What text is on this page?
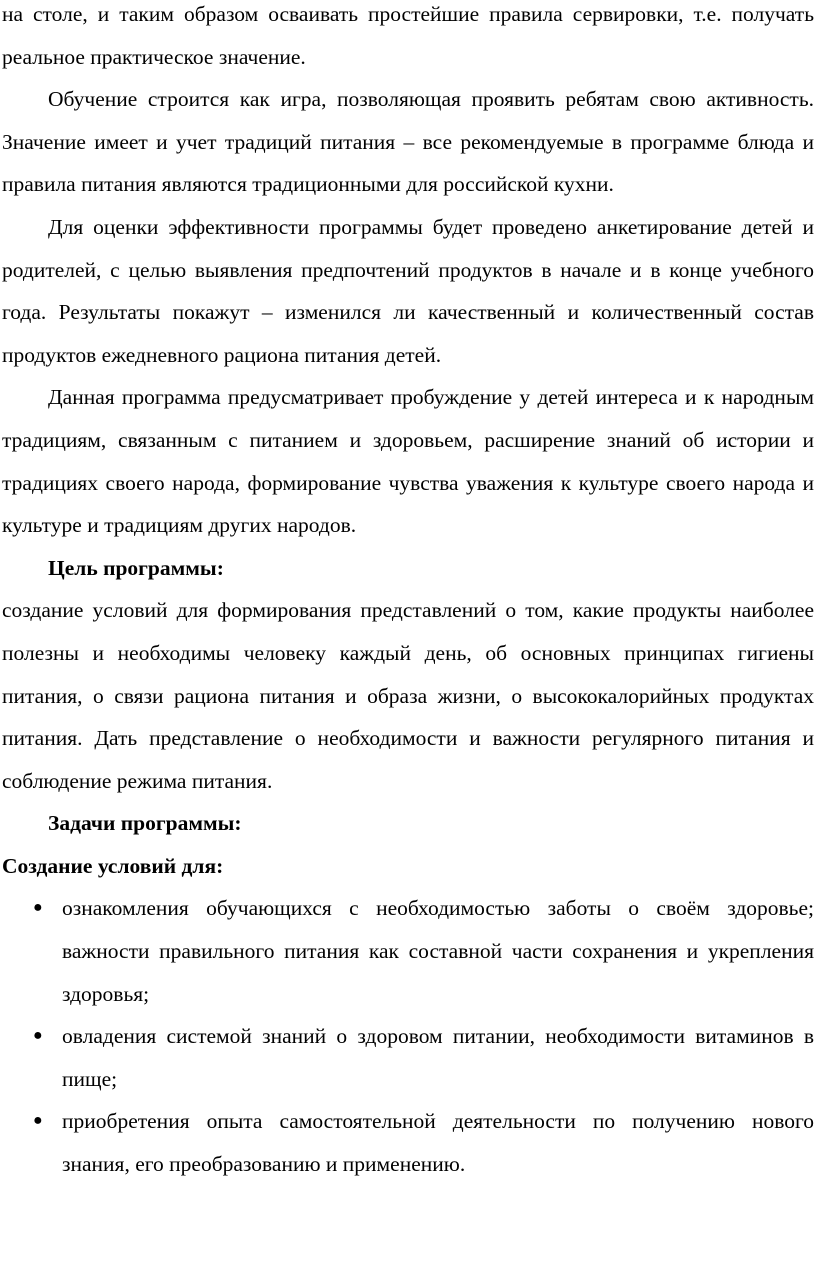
на столе, и таким образом осваивать простейшие правила сервировки, т.е. получать реальное практическое значение.

Обучение строится как игра, позволяющая проявить ребятам свою активность. Значение имеет и учет традиций питания – все рекомендуемые в программе блюда и правила питания являются традиционными для российской кухни.

Для оценки эффективности программы будет проведено анкетирование детей и родителей, с целью выявления предпочтений продуктов в начале и в конце учебного года. Результаты покажут – изменился ли качественный и количественный состав продуктов ежедневного рациона питания детей.

Данная программа предусматривает пробуждение у детей интереса и к народным традициям, связанным с питанием и здоровьем, расширение знаний об истории и традициях своего народа, формирование чувства уважения к культуре своего народа и культуре и традициям других народов.

Цель программы:

создание условий для формирования представлений о том, какие продукты наиболее полезны и необходимы человеку каждый день, об основных принципах гигиены питания, о связи рациона питания и образа жизни, о высококалорийных продуктах питания. Дать представление о необходимости и важности регулярного питания и соблюдение режима питания.

Задачи программы:

Создание условий для:

● ознакомления обучающихся с необходимостью заботы о своём здоровье; важности правильного питания как составной части сохранения и укрепления здоровья;
● овладения системой знаний о здоровом питании, необходимости витаминов в пище;
● приобретения опыта самостоятельной деятельности по получению нового знания, его преобразованию и применению.
